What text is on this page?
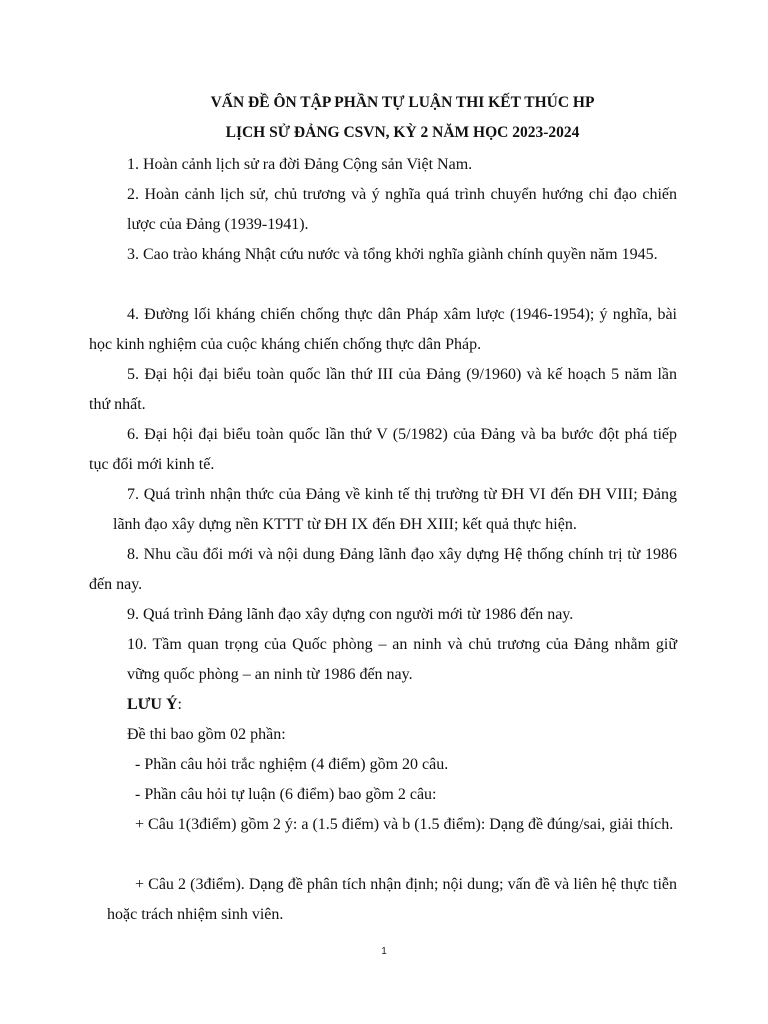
VẤN ĐỀ ÔN TẬP PHẦN TỰ LUẬN THI KẾT THÚC HP
LỊCH SỬ ĐẢNG CSVN, KỲ 2 NĂM HỌC 2023-2024
1. Hoàn cảnh lịch sử ra đời Đảng Cộng sản Việt Nam.
2. Hoàn cảnh lịch sử, chủ trương và ý nghĩa quá trình chuyển hướng chỉ đạo chiến lược của Đảng (1939-1941).
3. Cao trào kháng Nhật cứu nước và tổng khởi nghĩa giành chính quyền năm 1945.
4. Đường lối kháng chiến chống thực dân Pháp xâm lược (1946-1954); ý nghĩa, bài học kinh nghiệm của cuộc kháng chiến chống thực dân Pháp.
5. Đại hội đại biểu toàn quốc lần thứ III của Đảng (9/1960) và kế hoạch 5 năm lần thứ nhất.
6. Đại hội đại biểu toàn quốc lần thứ V (5/1982) của Đảng và ba bước đột phá tiếp tục đổi mới kinh tế.
7. Quá trình nhận thức của Đảng về kinh tế thị trường từ ĐH VI đến ĐH VIII; Đảng lãnh đạo xây dựng nền KTTT từ ĐH IX đến ĐH XIII; kết quả thực hiện.
8. Nhu cầu đổi mới và nội dung Đảng lãnh đạo xây dựng Hệ thống chính trị từ 1986 đến nay.
9. Quá trình Đảng lãnh đạo xây dựng con người mới từ 1986 đến nay.
10. Tầm quan trọng của Quốc phòng – an ninh và chủ trương của Đảng nhằm giữ vững quốc phòng – an ninh từ 1986 đến nay.
LƯU Ý:
Đề thi bao gồm 02 phần:
- Phần câu hỏi trắc nghiệm (4 điểm) gồm 20 câu.
- Phần câu hỏi tự luận (6 điểm) bao gồm 2 câu:
+ Câu 1(3điểm) gồm 2 ý: a (1.5 điểm) và b (1.5 điểm): Dạng đề đúng/sai, giải thích.
+ Câu 2 (3điểm). Dạng đề phân tích nhận định; nội dung; vấn đề và liên hệ thực tiễn hoặc trách nhiệm sinh viên.
1
